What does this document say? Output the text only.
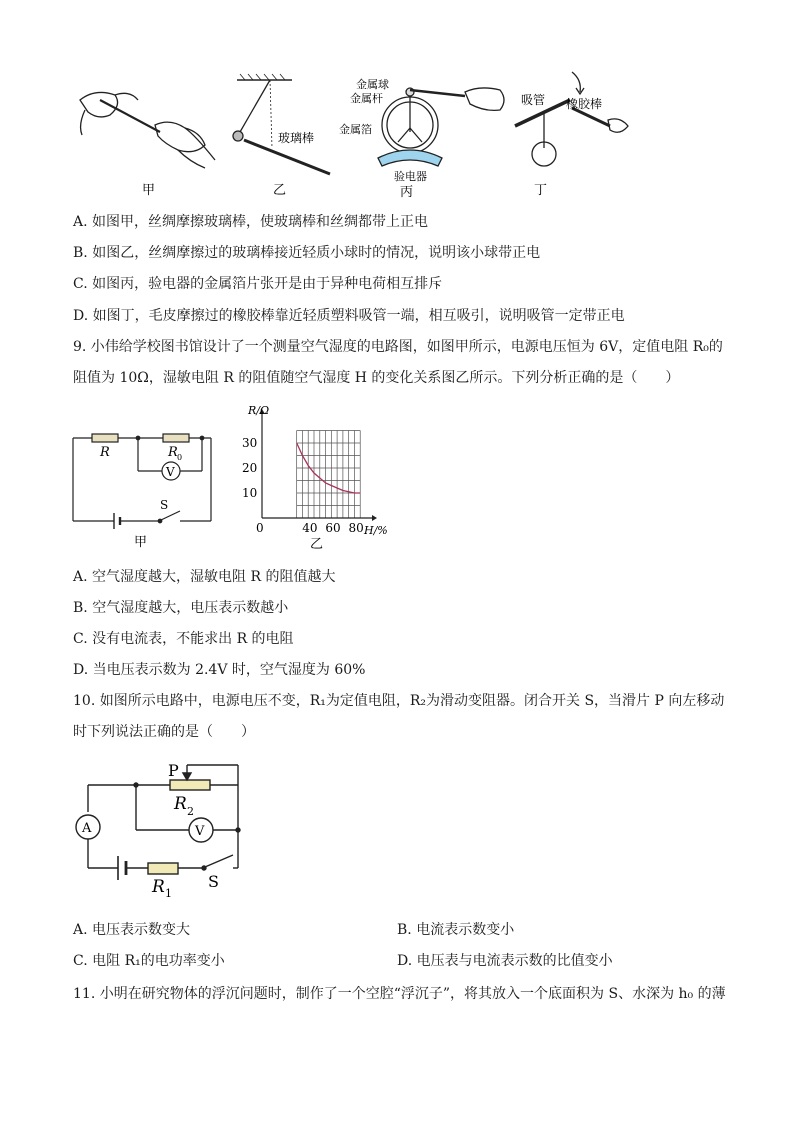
甲
玻璃棒
乙
金属球
金属杆
金属箔
验电器
丙
吸管 橡胶棒
丁
A. 如图甲，丝绸摩擦玻璃棒，使玻璃棒和丝绸都带上正电
B. 如图乙，丝绸摩擦过的玻璃棒接近轻质小球时的情况，说明该小球带正电
C. 如图丙，验电器的金属箔片张开是由于异种电荷相互排斥
D. 如图丁，毛皮摩擦过的橡胶棒靠近轻质塑料吸管一端，相互吸引，说明吸管一定带正电
9. 小伟给学校图书馆设计了一个测量空气湿度的电路图，如图甲所示，电源电压恒为 6V，定值电阻 R₀的
阻值为 10Ω，湿敏电阻 R 的阻值随空气湿度 H 的变化关系图乙所示。下列分析正确的是（　　）
R	R 0
V
S
甲
0	40 60 80
10
20
30
H/%
R/Ω
乙
A. 空气湿度越大，湿敏电阻 R 的阻值越大
B. 空气湿度越大，电压表示数越小
C. 没有电流表，不能求出 R 的电阻
D. 当电压表示数为 2.4V 时，空气湿度为 60%
10. 如图所示电路中，电源电压不变，R₁为定值电阻，R₂为滑动变阻器。闭合开关 S，当滑片 P 向左移动
时下列说法正确的是（　　）
P
R 2
A	V
R 1
S
A. 电压表示数变大	B. 电流表示数变小
C. 电阻 R₁的电功率变小	D. 电压表与电流表示数的比值变小
11. 小明在研究物体的浮沉问题时，制作了一个空腔“浮沉子”，将其放入一个底面积为 S、水深为 h₀ 的薄
